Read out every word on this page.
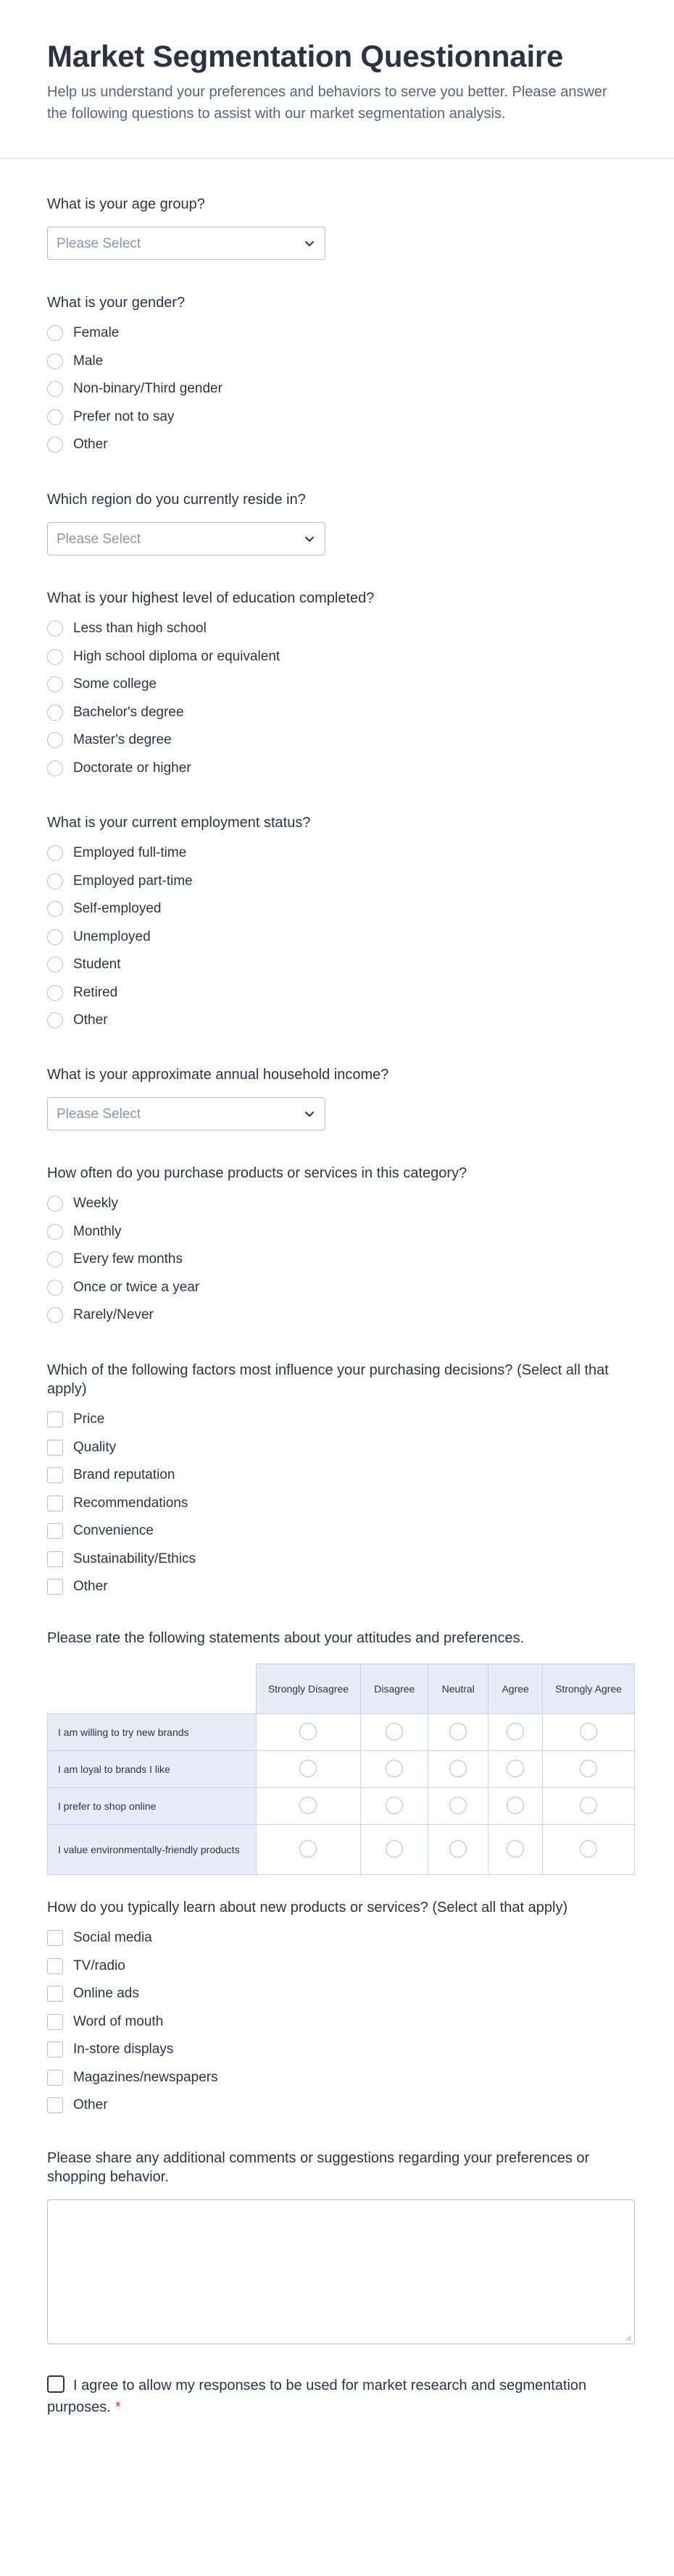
Market Segmentation Questionnaire

Help us understand your preferences and behaviors to serve you better. Please answer the following questions to assist with our market segmentation analysis.

What is your age group?

Please Select

What is your gender?

Female
Male
Non-binary/Third gender
Prefer not to say
Other

Which region do you currently reside in?

Please Select

What is your highest level of education completed?

Less than high school
High school diploma or equivalent
Some college
Bachelor's degree
Master's degree
Doctorate or higher

What is your current employment status?

Employed full-time
Employed part-time
Self-employed
Unemployed
Student
Retired
Other

What is your approximate annual household income?

Please Select

How often do you purchase products or services in this category?

Weekly
Monthly
Every few months
Once or twice a year
Rarely/Never

Which of the following factors most influence your purchasing decisions? (Select all that apply)

Price
Quality
Brand reputation
Recommendations
Convenience
Sustainability/Ethics
Other

Please rate the following statements about your attitudes and preferences.

	Strongly Disagree	Disagree	Neutral	Agree	Strongly Agree
I am willing to try new brands					
I am loyal to brands I like					
I prefer to shop online					
I value environmentally-friendly products					

How do you typically learn about new products or services? (Select all that apply)

Social media
TV/radio
Online ads
Word of mouth
In-store displays
Magazines/newspapers
Other

Please share any additional comments or suggestions regarding your preferences or shopping behavior.

I agree to allow my responses to be used for market research and segmentation purposes. *
